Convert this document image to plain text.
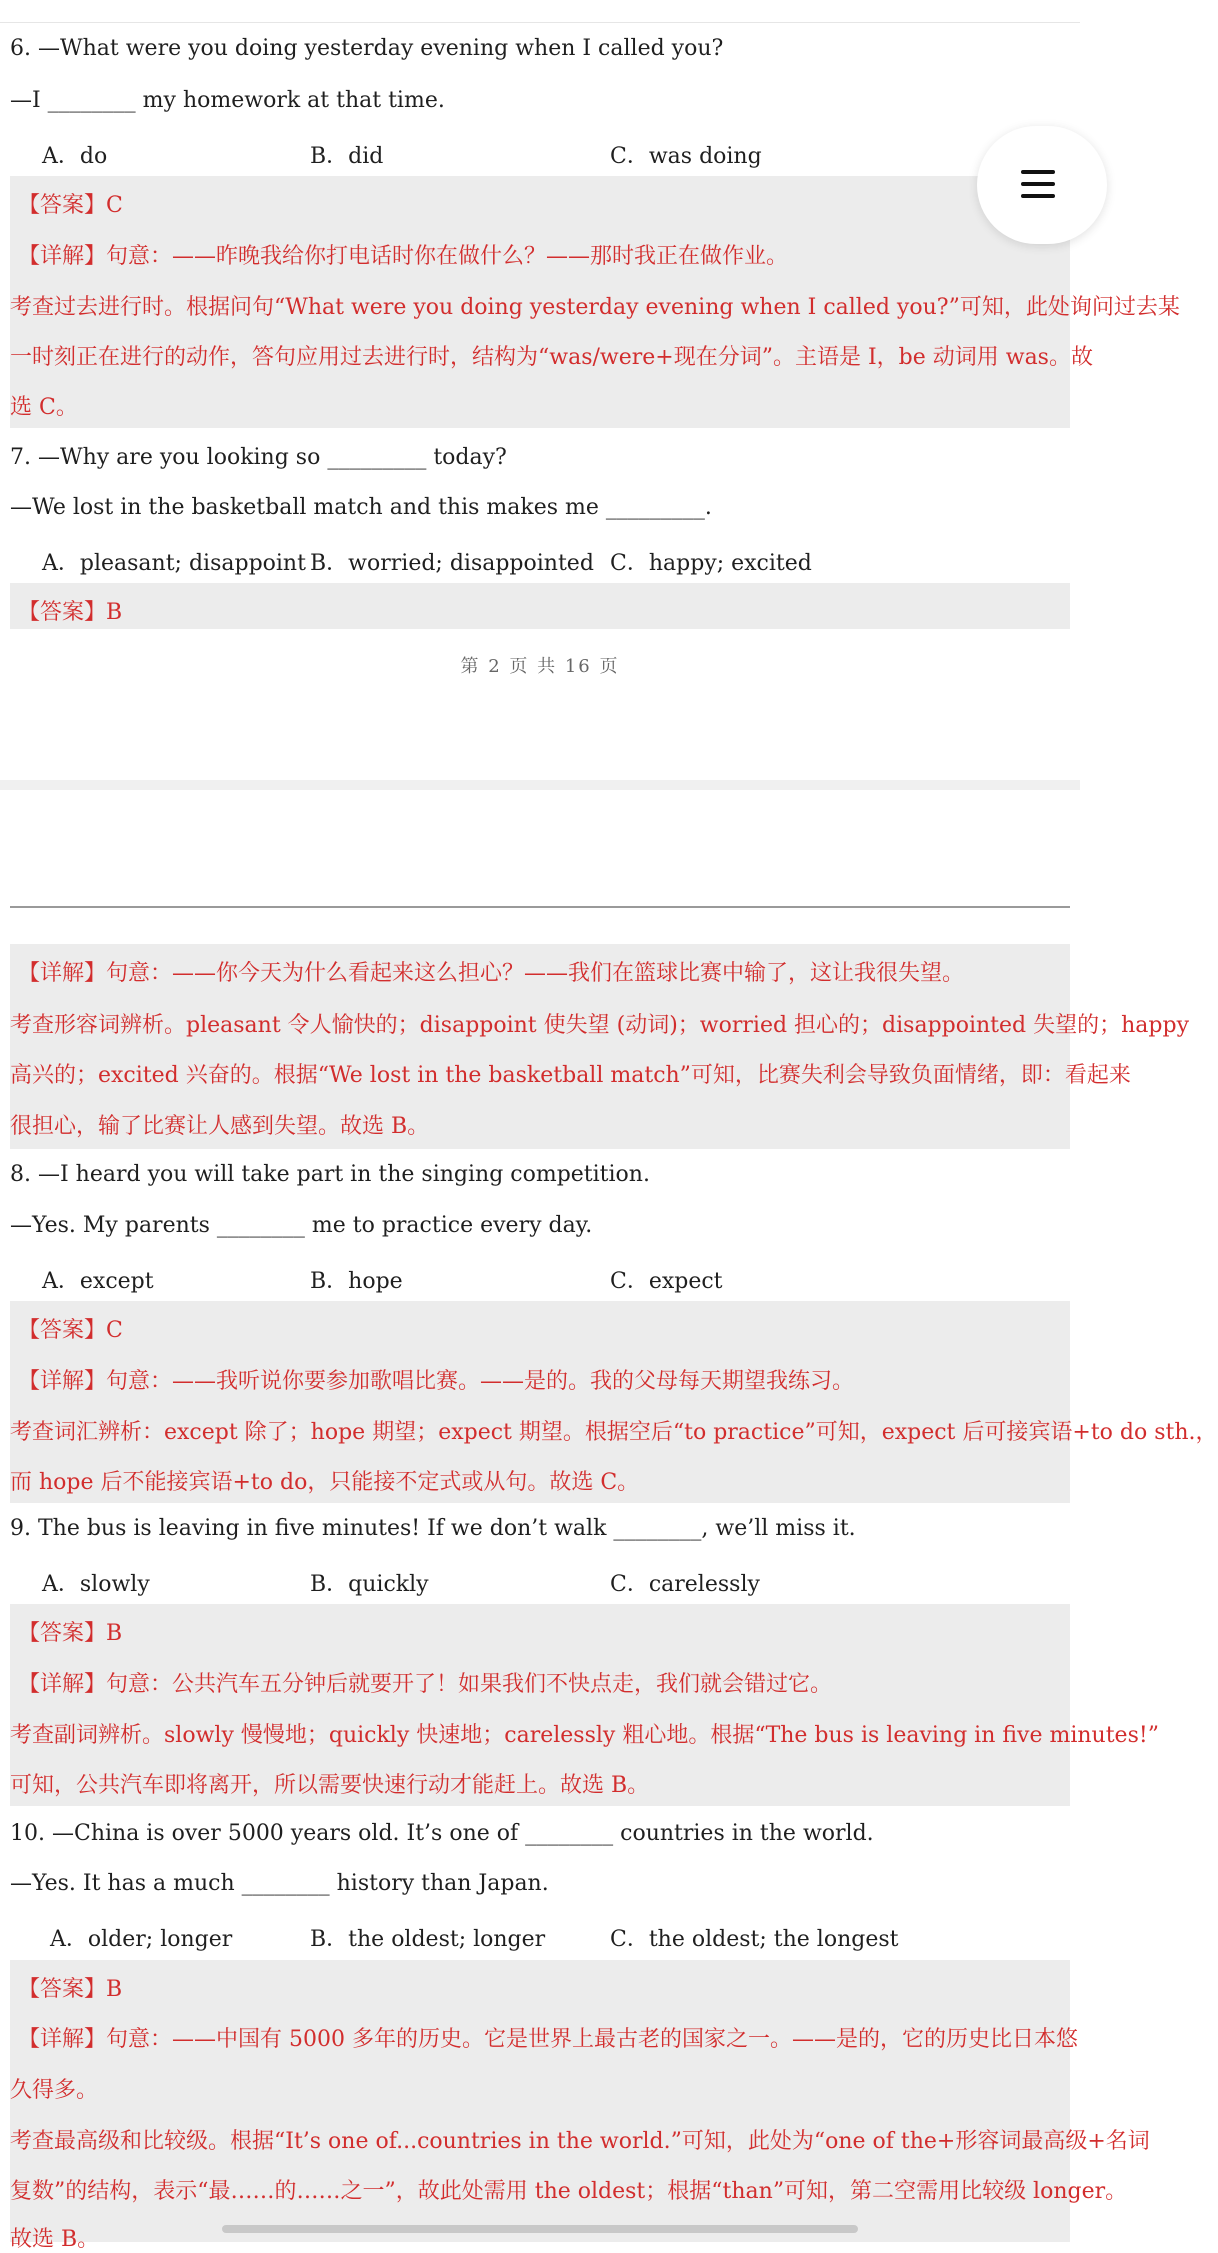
6. —What were you doing yesterday evening when I called you?
—I ________ my homework at that time.
A．do	B．did	C．was doing
【答案】C
【详解】句意：——昨晚我给你打电话时你在做什么？——那时我正在做作业。
考查过去进行时。根据问句“What were you doing yesterday evening when I called you?”可知，此处询问过去某
一时刻正在进行的动作，答句应用过去进行时，结构为“was/were+现在分词”。主语是 I，be 动词用 was。故
选 C。
7. —Why are you looking so _________ today?
—We lost in the basketball match and this makes me _________.
A．pleasant; disappoint B．worried; disappointed C．happy; excited
【答案】B
第 2 页 共 16 页
【详解】句意：——你今天为什么看起来这么担心？——我们在篮球比赛中输了，这让我很失望。
考查形容词辨析。pleasant 令人愉快的；disappoint 使失望 (动词)；worried 担心的；disappointed 失望的；happy
高兴的；excited 兴奋的。根据“We lost in the basketball match”可知，比赛失利会导致负面情绪，即：看起来
很担心，输了比赛让人感到失望。故选 B。
8. —I heard you will take part in the singing competition.
—Yes. My parents ________ me to practice every day.
A．except	B．hope	C．expect
【答案】C
【详解】句意：——我听说你要参加歌唱比赛。——是的。我的父母每天期望我练习。
考查词汇辨析：except 除了；hope 期望；expect 期望。根据空后“to practice”可知，expect 后可接宾语+to do sth.，
而 hope 后不能接宾语+to do，只能接不定式或从句。故选 C。
9. The bus is leaving in five minutes! If we don’t walk ________, we’ll miss it.
A．slowly	B．quickly	C．carelessly
【答案】B
【详解】句意：公共汽车五分钟后就要开了！如果我们不快点走，我们就会错过它。
考查副词辨析。slowly 慢慢地；quickly 快速地；carelessly 粗心地。根据“The bus is leaving in five minutes!”
可知，公共汽车即将离开，所以需要快速行动才能赶上。故选 B。
10. —China is over 5000 years old. It’s one of ________ countries in the world.
—Yes. It has a much ________ history than Japan.
A．older; longer	B．the oldest; longer	C．the oldest; the longest
【答案】B
【详解】句意：——中国有 5000 多年的历史。它是世界上最古老的国家之一。——是的，它的历史比日本悠
久得多。
考查最高级和比较级。根据“It’s one of...countries in the world.”可知，此处为“one of the+形容词最高级+名词
复数”的结构，表示“最……的……之一”，故此处需用 the oldest；根据“than”可知，第二空需用比较级 longer。
故选 B。
